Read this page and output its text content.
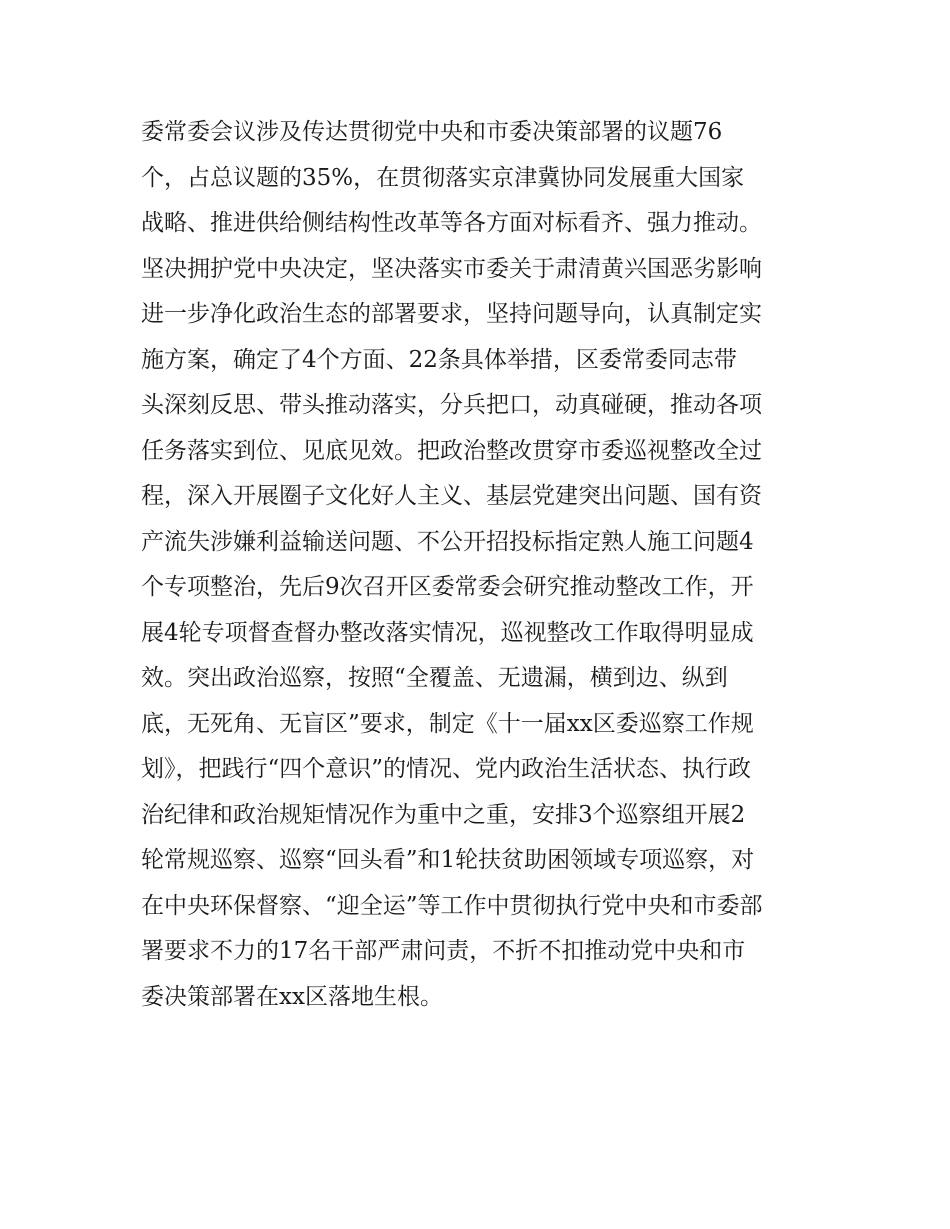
委常委会议涉及传达贯彻党中央和市委决策部署的议题76
个，占总议题的35%，在贯彻落实京津冀协同发展重大国家
战略、推进供给侧结构性改革等各方面对标看齐、强力推动。
坚决拥护党中央决定，坚决落实市委关于肃清黄兴国恶劣影响
进一步净化政治生态的部署要求，坚持问题导向，认真制定实
施方案，确定了4个方面、22条具体举措，区委常委同志带
头深刻反思、带头推动落实，分兵把口，动真碰硬，推动各项
任务落实到位、见底见效。把政治整改贯穿市委巡视整改全过
程，深入开展圈子文化好人主义、基层党建突出问题、国有资
产流失涉嫌利益输送问题、不公开招投标指定熟人施工问题4
个专项整治，先后9次召开区委常委会研究推动整改工作，开
展4轮专项督查督办整改落实情况，巡视整改工作取得明显成
效。突出政治巡察，按照“全覆盖、无遗漏，横到边、纵到
底，无死角、无盲区”要求，制定《十一届xx区委巡察工作规
划》，把践行“四个意识”的情况、党内政治生活状态、执行政
治纪律和政治规矩情况作为重中之重，安排3个巡察组开展2
轮常规巡察、巡察“回头看”和1轮扶贫助困领域专项巡察，对
在中央环保督察、“迎全运”等工作中贯彻执行党中央和市委部
署要求不力的17名干部严肃问责，不折不扣推动党中央和市
委决策部署在xx区落地生根。
